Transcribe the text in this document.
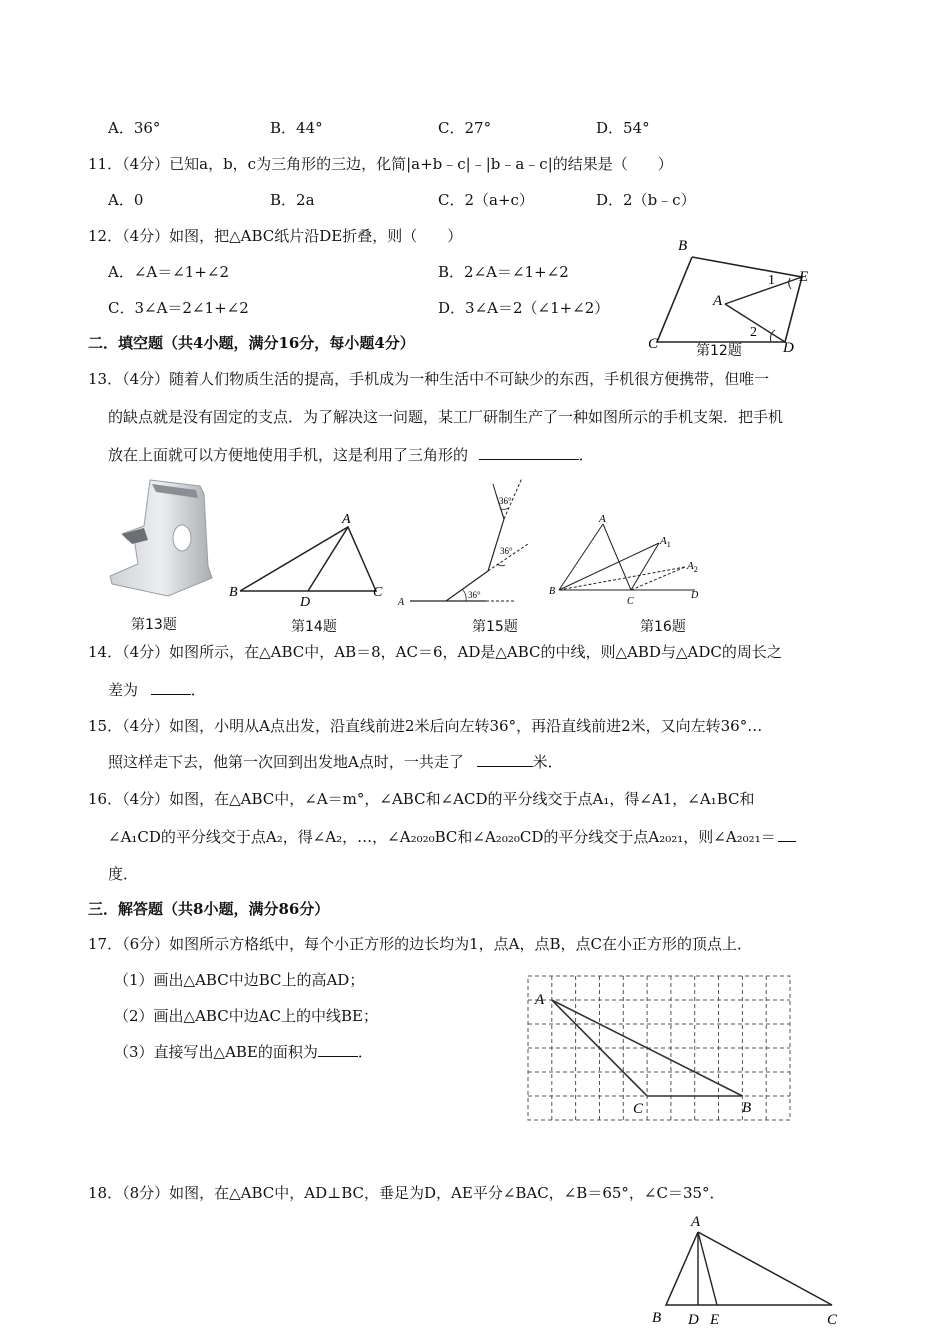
A．36°	B．44°	C．27°	D．54°
11．（4分）已知a，b，c为三角形的三边，化简|a+b﹣c|﹣|b﹣a﹣c|的结果是（　　）
A．0	B．2a	C．2（a+c）	D．2（b﹣c）
12．（4分）如图，把△ABC纸片沿DE折叠，则（　　）
A．∠A＝∠1+∠2	B．2∠A＝∠1+∠2
C．3∠A＝2∠1+∠2	D．3∠A＝2（∠1+∠2）
B
E
A
C	D
1
2
第12题
二．填空题（共4小题，满分16分，每小题4分）
13．（4分）随着人们物质生活的提高，手机成为一种生活中不可缺少的东西，手机很方便携带，但唯一
的缺点就是没有固定的支点．为了解决这一问题，某工厂研制生产了一种如图所示的手机支架．把手机
放在上面就可以方便地使用手机，这是利用了三角形的	．
第13题
A
B	C
D
第14题
A
36°
36°
36°
第15题
A
$A_1$
$A_2$
B
C
D
第16题
14．（4分）如图所示，在△ABC中，AB＝8，AC＝6，AD是△ABC的中线，则△ABD与△ADC的周长之
差为	．
15．（4分）如图，小明从A点出发，沿直线前进2米后向左转36°，再沿直线前进2米，又向左转36°…
照这样走下去，他第一次回到出发地A点时，一共走了	米．
16．（4分）如图，在△ABC中，∠A＝m°，∠ABC和∠ACD的平分线交于点A₁，得∠A1，∠A₁BC和
∠A₁CD的平分线交于点A₂，得∠A₂，…，∠A₂₀₂₀BC和∠A₂₀₂₀CD的平分线交于点A₂₀₂₁，则∠A₂₀₂₁＝
度．
三．解答题（共8小题，满分86分）
17．（6分）如图所示方格纸中，每个小正方形的边长均为1，点A，点B，点C在小正方形的顶点上．
（1）画出△ABC中边BC上的高AD；
（2）画出△ABC中边AC上的中线BE；
（3）直接写出△ABE的面积为	．
A
C	B
18．（8分）如图，在△ABC中，AD⊥BC，垂足为D，AE平分∠BAC，∠B＝65°，∠C＝35°．
A
B D E	C
